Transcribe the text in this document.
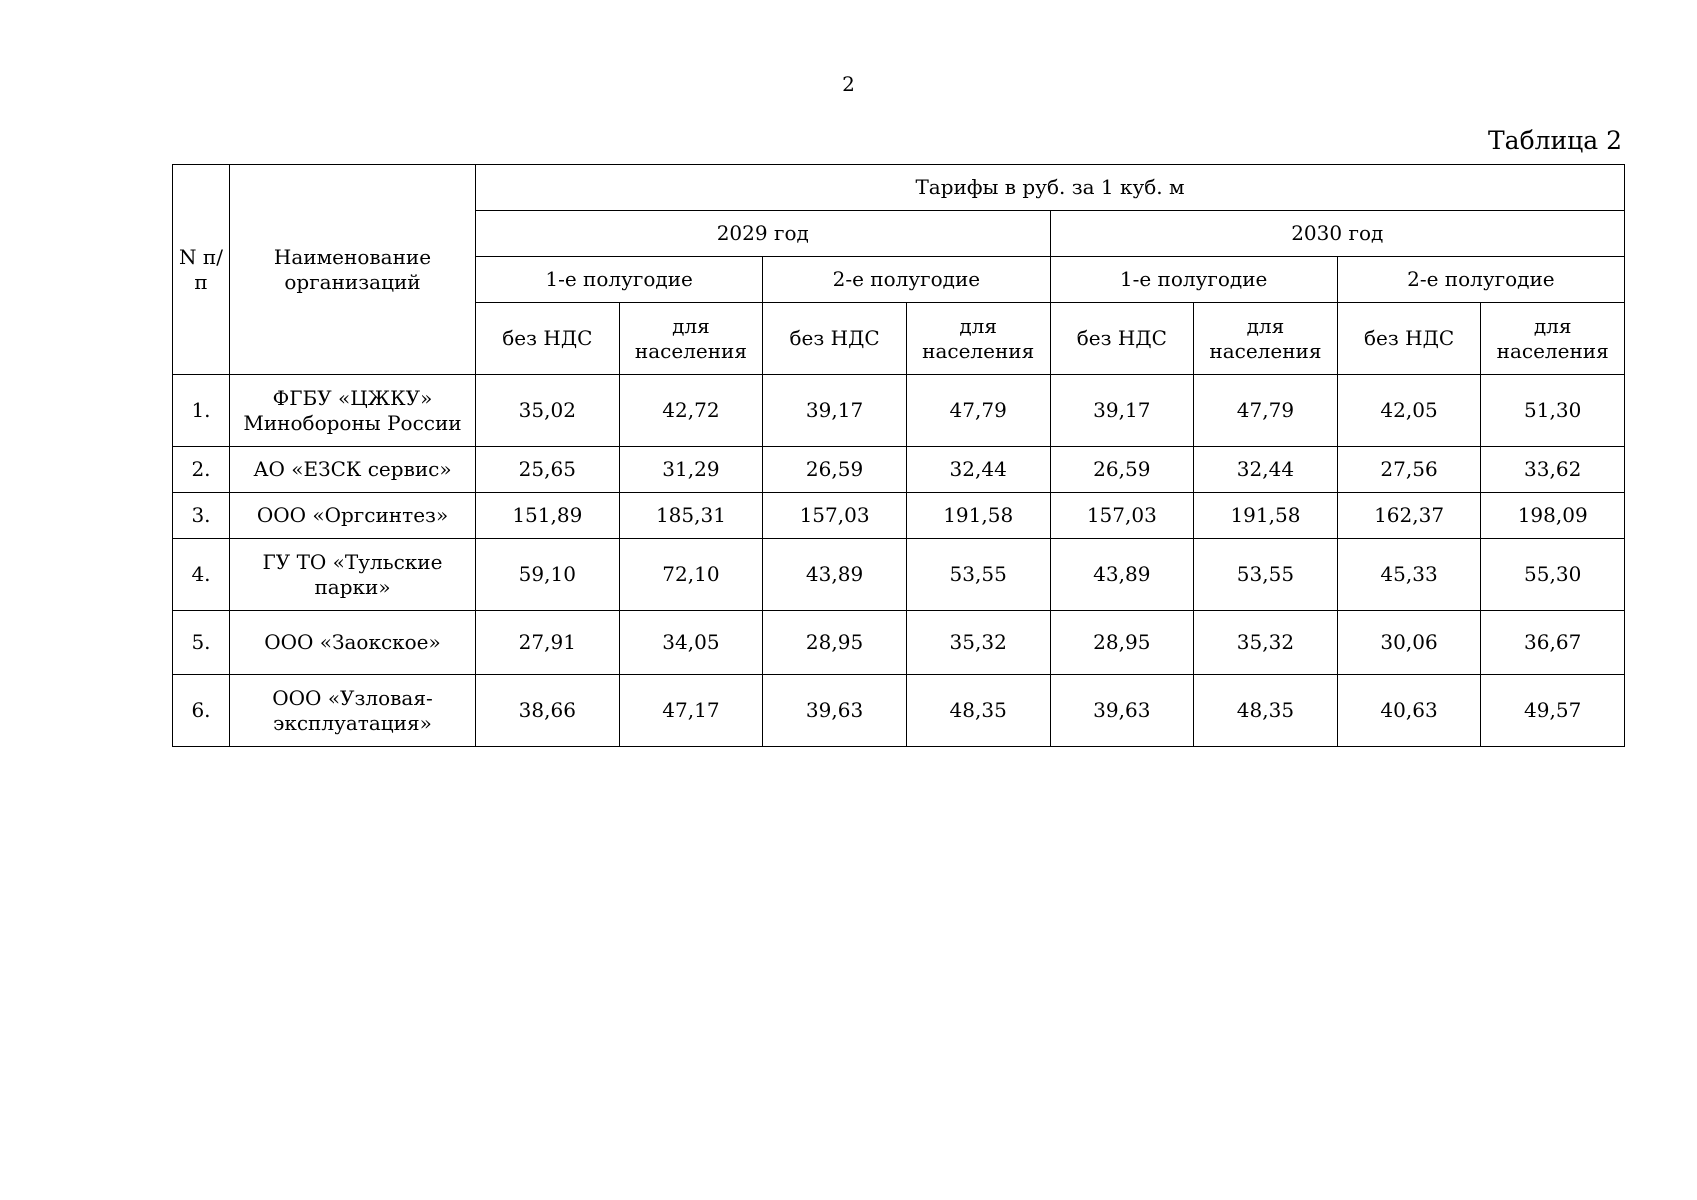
2
Таблица 2
N п/п	Наименование организаций	Тарифы в руб. за 1 куб. м							
		2029 год				2030 год			
		1-е полугодие		2-е полугодие		1-е полугодие		2-е полугодие	
		без НДС	для населения	без НДС	для населения	без НДС	для населения	без НДС	для населения
1.	ФГБУ «ЦЖКУ» Минобороны России	35,02	42,72	39,17	47,79	39,17	47,79	42,05	51,30
2.	АО «ЕЗСК сервис»	25,65	31,29	26,59	32,44	26,59	32,44	27,56	33,62
3.	ООО «Оргсинтез»	151,89	185,31	157,03	191,58	157,03	191,58	162,37	198,09
4.	ГУ ТО «Тульские парки»	59,10	72,10	43,89	53,55	43,89	53,55	45,33	55,30
5.	ООО «Заокское»	27,91	34,05	28,95	35,32	28,95	35,32	30,06	36,67
6.	ООО «Узловая-эксплуатация»	38,66	47,17	39,63	48,35	39,63	48,35	40,63	49,57
